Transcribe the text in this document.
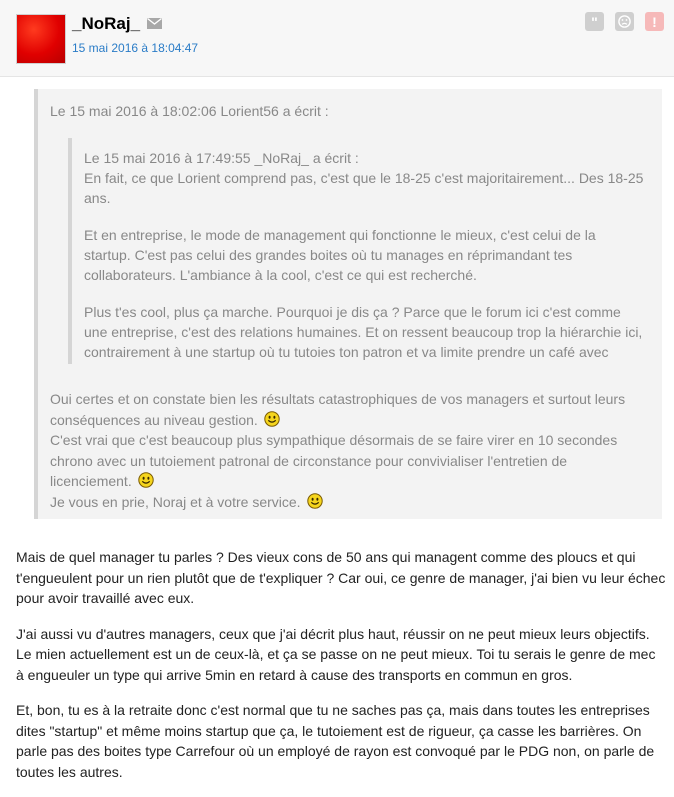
_NoRaj_
15 mai 2016 à 18:04:47
"	!
Le 15 mai 2016 à 18:02:06 Lorient56 a écrit :
Le 15 mai 2016 à 17:49:55 _NoRaj_ a écrit :

En fait, ce que Lorient comprend pas, c'est que le 18-25 c'est majoritairement... Des 18-25 ans.

Et en entreprise, le mode de management qui fonctionne le mieux, c'est celui de la startup. C'est pas celui des grandes boites où tu manages en réprimandant tes collaborateurs. L'ambiance à la cool, c'est ce qui est recherché.

Plus t'es cool, plus ça marche. Pourquoi je dis ça ? Parce que le forum ici c'est comme une entreprise, c'est des relations humaines. Et on ressent beaucoup trop la hiérarchie ici, contrairement à une startup où tu tutoies ton patron et va limite prendre un café avec

Oui certes et on constate bien les résultats catastrophiques de vos managers et surtout leurs conséquences au niveau gestion.

C'est vrai que c'est beaucoup plus sympathique désormais de se faire virer en 10 secondes chrono avec un tutoiement patronal de circonstance pour convivialiser l'entretien de licenciement.

Je vous en prie, Noraj et à votre service.

Mais de quel manager tu parles ? Des vieux cons de 50 ans qui managent comme des ploucs et qui t'engueulent pour un rien plutôt que de t'expliquer ? Car oui, ce genre de manager, j'ai bien vu leur échec pour avoir travaillé avec eux.

J'ai aussi vu d'autres managers, ceux que j'ai décrit plus haut, réussir on ne peut mieux leurs objectifs. Le mien actuellement est un de ceux-là, et ça se passe on ne peut mieux. Toi tu serais le genre de mec à engueuler un type qui arrive 5min en retard à cause des transports en commun en gros.

Et, bon, tu es à la retraite donc c'est normal que tu ne saches pas ça, mais dans toutes les entreprises dites "startup" et même moins startup que ça, le tutoiement est de rigueur, ça casse les barrières. On parle pas des boites type Carrefour où un employé de rayon est convoqué par le PDG non, on parle de toutes les autres.
